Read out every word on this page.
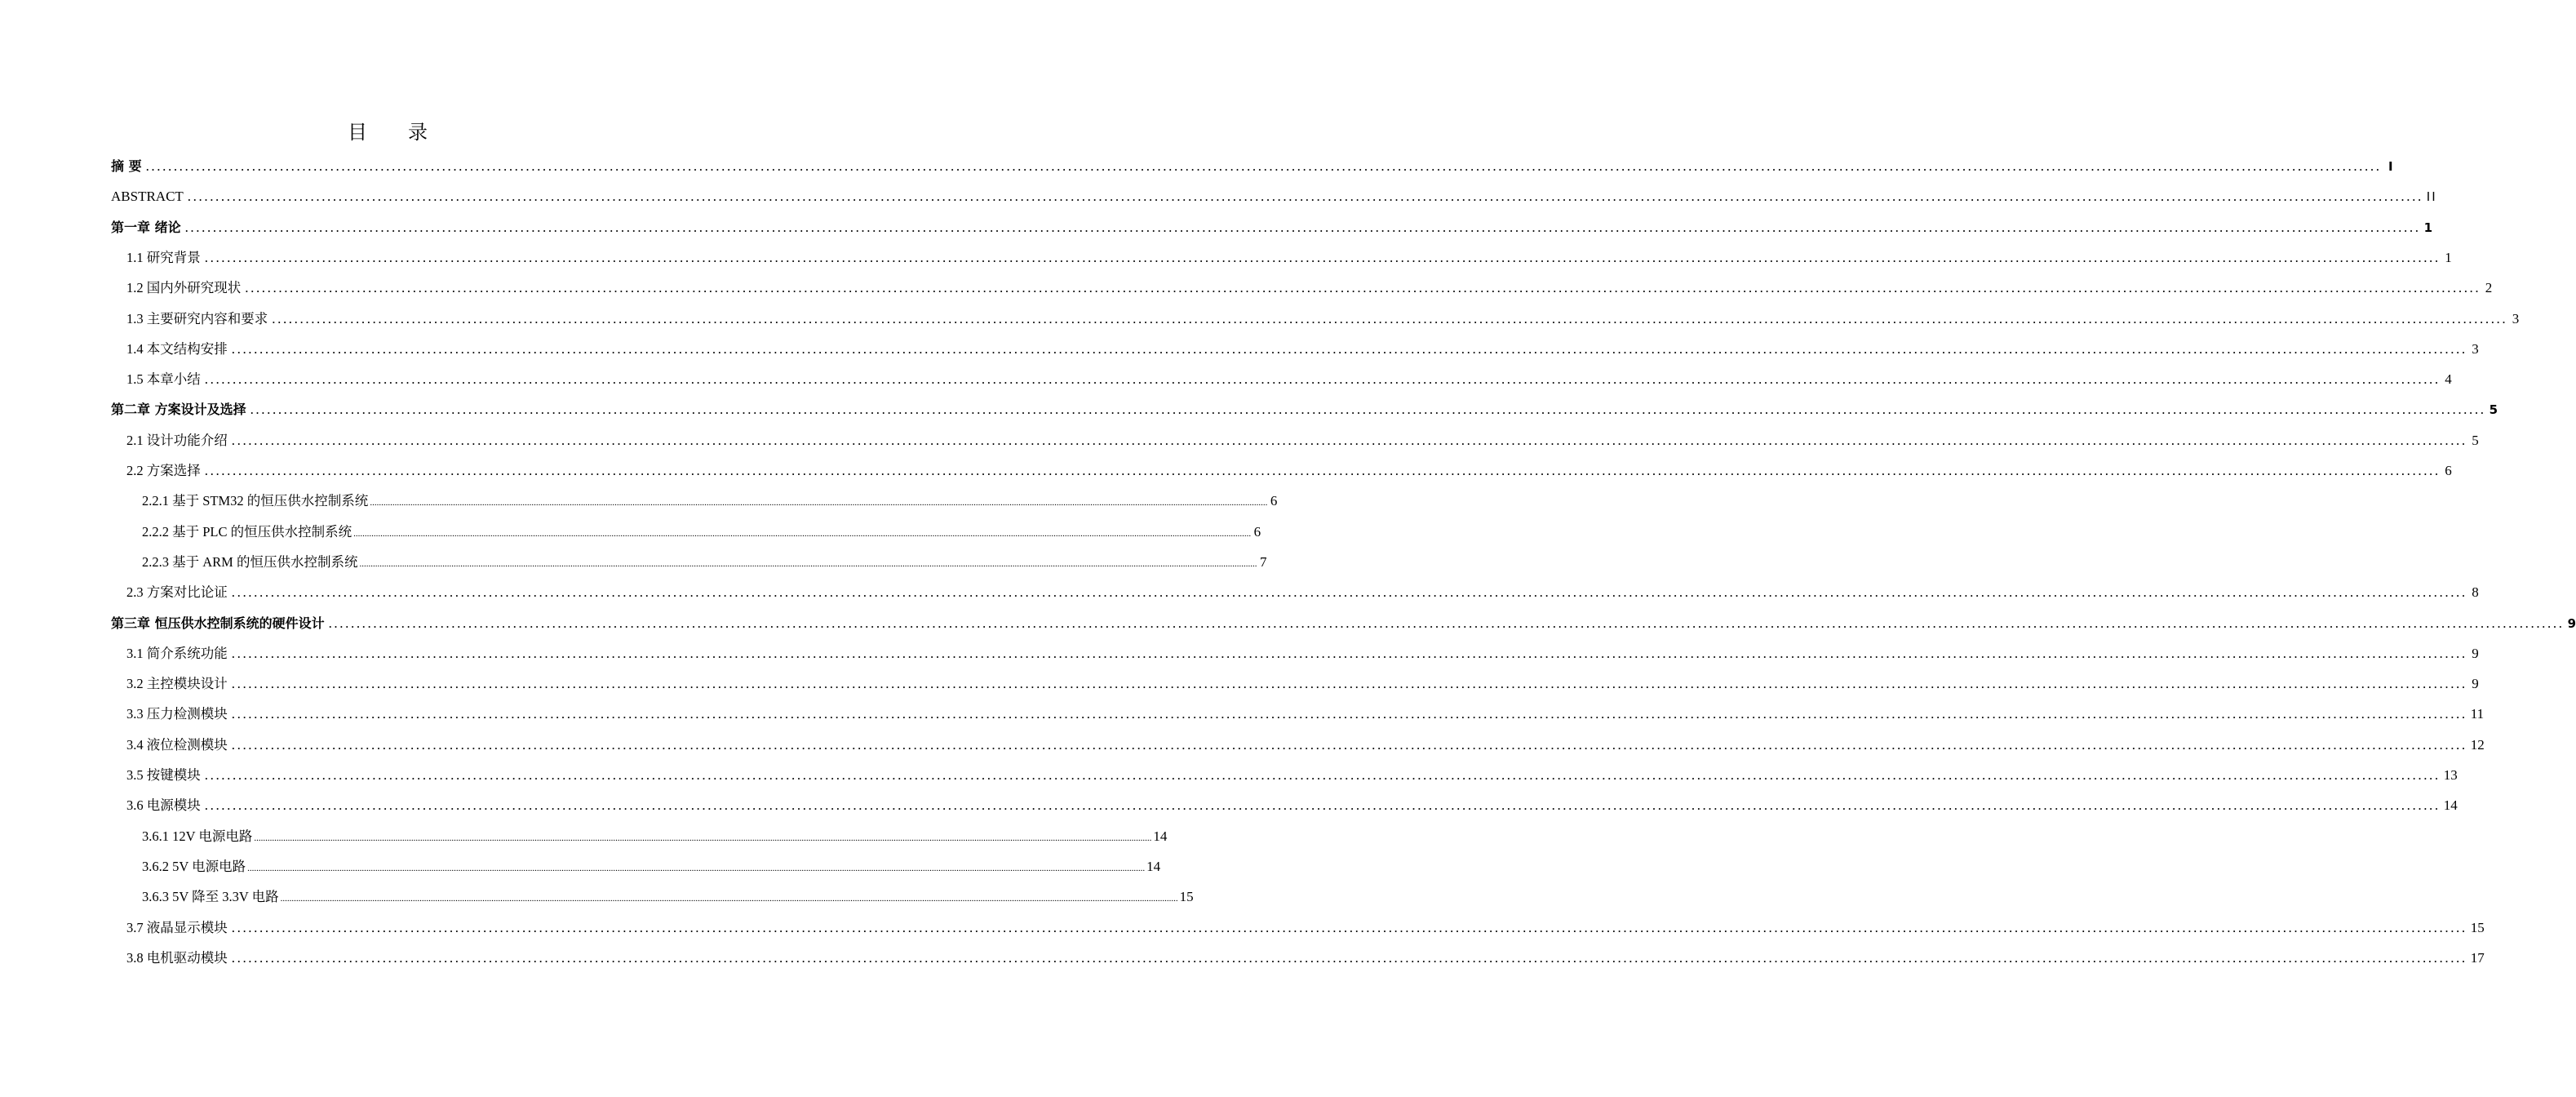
目 录
摘 要 ................................................................................................................................................................................................................................................................................................................................................................................................................ I
ABSTRACT ................................................................................................................................................................................................................................................................................................................................................................................................................ II
第一章 绪论 ................................................................................................................................................................................................................................................................................................................................................................................................................ 1
1.1 研究背景 ................................................................................................................................................................................................................................................................................................................................................................................................................ 1
1.2 国内外研究现状 ................................................................................................................................................................................................................................................................................................................................................................................................................ 2
1.3 主要研究内容和要求 ................................................................................................................................................................................................................................................................................................................................................................................................................ 3
1.4 本文结构安排 ................................................................................................................................................................................................................................................................................................................................................................................................................ 3
1.5 本章小结 ................................................................................................................................................................................................................................................................................................................................................................................................................ 4
第二章 方案设计及选择 ................................................................................................................................................................................................................................................................................................................................................................................................................ 5
2.1 设计功能介绍 ................................................................................................................................................................................................................................................................................................................................................................................................................ 5
2.2 方案选择 ................................................................................................................................................................................................................................................................................................................................................................................................................ 6
2.2.1 基于 STM32 的恒压供水控制系统 ................................................................................................................................................................................................................................................................................................................................................................................................................ 6
2.2.2 基于 PLC 的恒压供水控制系统 ................................................................................................................................................................................................................................................................................................................................................................................................................ 6
2.2.3 基于 ARM 的恒压供水控制系统 ................................................................................................................................................................................................................................................................................................................................................................................................................ 7
2.3 方案对比论证 ................................................................................................................................................................................................................................................................................................................................................................................................................ 8
第三章 恒压供水控制系统的硬件设计 ................................................................................................................................................................................................................................................................................................................................................................................................................ 9
3.1 简介系统功能 ................................................................................................................................................................................................................................................................................................................................................................................................................ 9
3.2 主控模块设计 ................................................................................................................................................................................................................................................................................................................................................................................................................ 9
3.3 压力检测模块 ................................................................................................................................................................................................................................................................................................................................................................................................................ 11
3.4 液位检测模块 ................................................................................................................................................................................................................................................................................................................................................................................................................ 12
3.5 按键模块 ................................................................................................................................................................................................................................................................................................................................................................................................................ 13
3.6 电源模块 ................................................................................................................................................................................................................................................................................................................................................................................................................ 14
3.6.1 12V 电源电路 ................................................................................................................................................................................................................................................................................................................................................................................................................ 14
3.6.2 5V 电源电路 ................................................................................................................................................................................................................................................................................................................................................................................................................ 14
3.6.3 5V 降至 3.3V 电路 ................................................................................................................................................................................................................................................................................................................................................................................................................ 15
3.7 液晶显示模块 ................................................................................................................................................................................................................................................................................................................................................................................................................ 15
3.8 电机驱动模块 ................................................................................................................................................................................................................................................................................................................................................................................................................ 17
